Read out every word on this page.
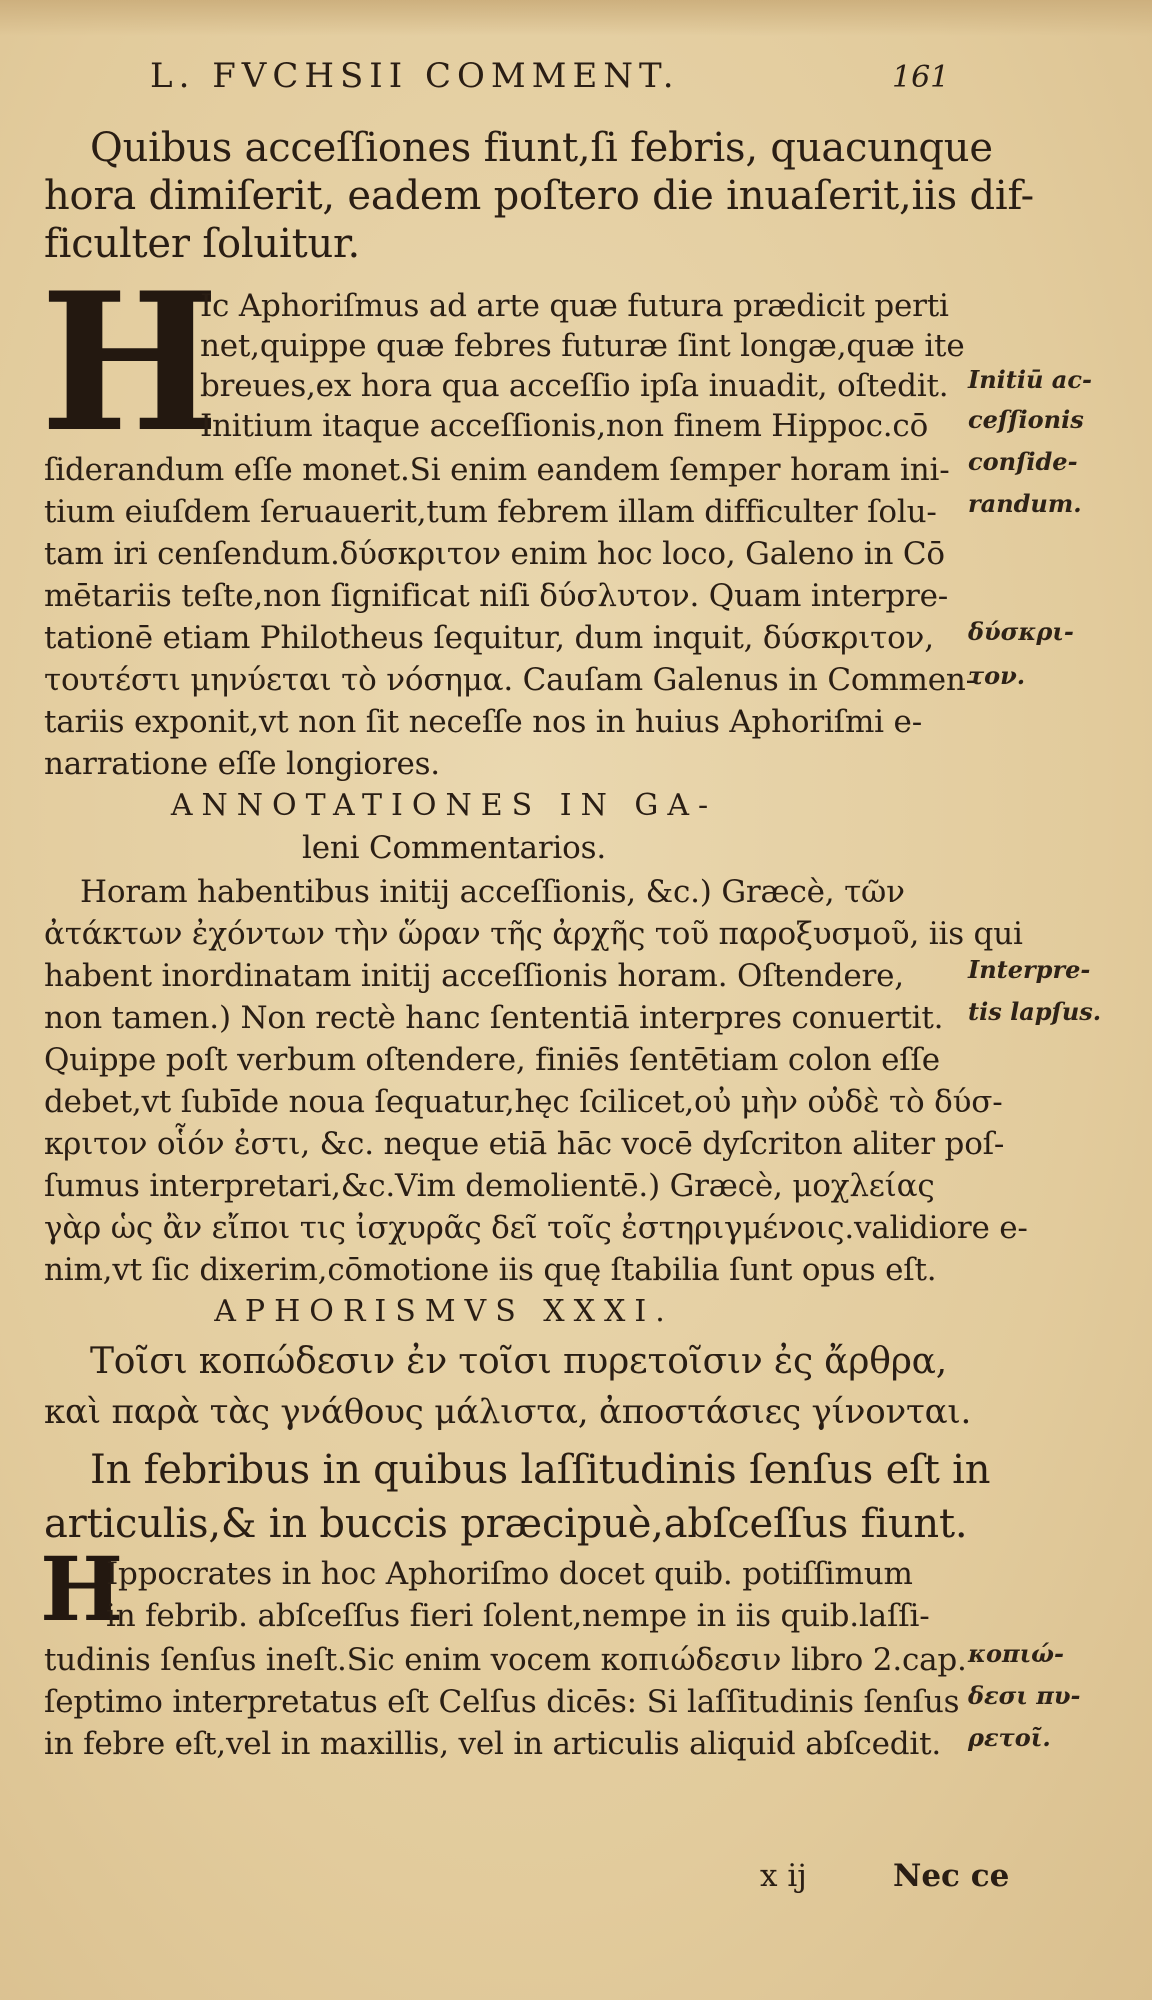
L. FVCHSII COMMENT.	161
Quibus acceſſiones fiunt,ſi febris, quacunque
hora dimiſerit, eadem poſtero die inuaſerit,iis dif-
ficulter ſoluitur.
H
Ic Aphoriſmus ad arte quæ futura prædicit perti
net,quippe quæ febres futuræ ſint longæ,quæ ite
breues,ex hora qua acceſſio ipſa inuadit, oſtedit.
Initium itaque acceſſionis,non finem Hippoc.cō
ſiderandum eſſe monet.Si enim eandem ſemper horam ini-
tium eiuſdem ſeruauerit,tum febrem illam difficulter ſolu-
tam iri cenſendum.δύσκριτον enim hoc loco, Galeno in Cō
mētariis teſte,non ſignificat niſi δύσλυτον. Quam interpre-
tationē etiam Philotheus ſequitur, dum inquit, δύσκριτον,
τουτέστι μηνύεται τὸ νόσημα. Cauſam Galenus in Commen-
tariis exponit,vt non ſit neceſſe nos in huius Aphoriſmi e-
narratione eſſe longiores.
ANNOTATIONES IN GA-
leni Commentarios.
Horam habentibus initij acceſſionis, &c.) Græcè, τῶν
ἀτάκτων ἐχόντων τὴν ὥραν τῆς ἀρχῆς τοῦ παροξυσμοῦ, iis qui
habent inordinatam initij acceſſionis horam. Oſtendere,
non tamen.) Non rectè hanc ſententiā interpres conuertit.
Quippe poſt verbum oſtendere, finiēs ſentētiam colon eſſe
debet,vt ſubīde noua ſequatur,hęc ſcilicet,οὐ μὴν οὐδὲ τὸ δύσ-
κριτον οἷόν ἐστι, &c. neque etiā hāc vocē dyſcriton aliter poſ-
ſumus interpretari,&c.Vim demolientē.) Græcè, μοχλείας
γὰρ ὡς ἂν εἴποι τις ἰσχυρᾶς δεῖ τοῖς ἐστηριγμένοις.validiore e-
nim,vt ſic dixerim,cōmotione iis quę ſtabilia ſunt opus eſt.
APHORISMVS XXXI.
Τοῖσι κοπώδεσιν ἐν τοῖσι πυρετοῖσιν ἐς ἄρθρα,
καὶ παρὰ τὰς γνάθους μάλιστα, ἀποστάσιες γίνονται.
In febribus in quibus laſſitudinis ſenſus eſt in
articulis,& in buccis præcipuè,abſceſſus fiunt.
H
Ippocrates in hoc Aphoriſmo docet quib. potiſſimum
in febrib. abſceſſus fieri ſolent,nempe in iis quib.laſſi-
tudinis ſenſus ineſt.Sic enim vocem κοπιώδεσιν libro 2.cap.
ſeptimo interpretatus eſt Celſus dicēs: Si laſſitudinis ſenſus
in febre eſt,vel in maxillis, vel in articulis aliquid abſcedit.
Initiū ac-
ceſſionis
conſide-
randum.
δύσκρι-
τον.
Interpre-
tis lapſus.
κοπιώ-
δεσι πυ-
ρετοῖ.
x ij	Nec ce
